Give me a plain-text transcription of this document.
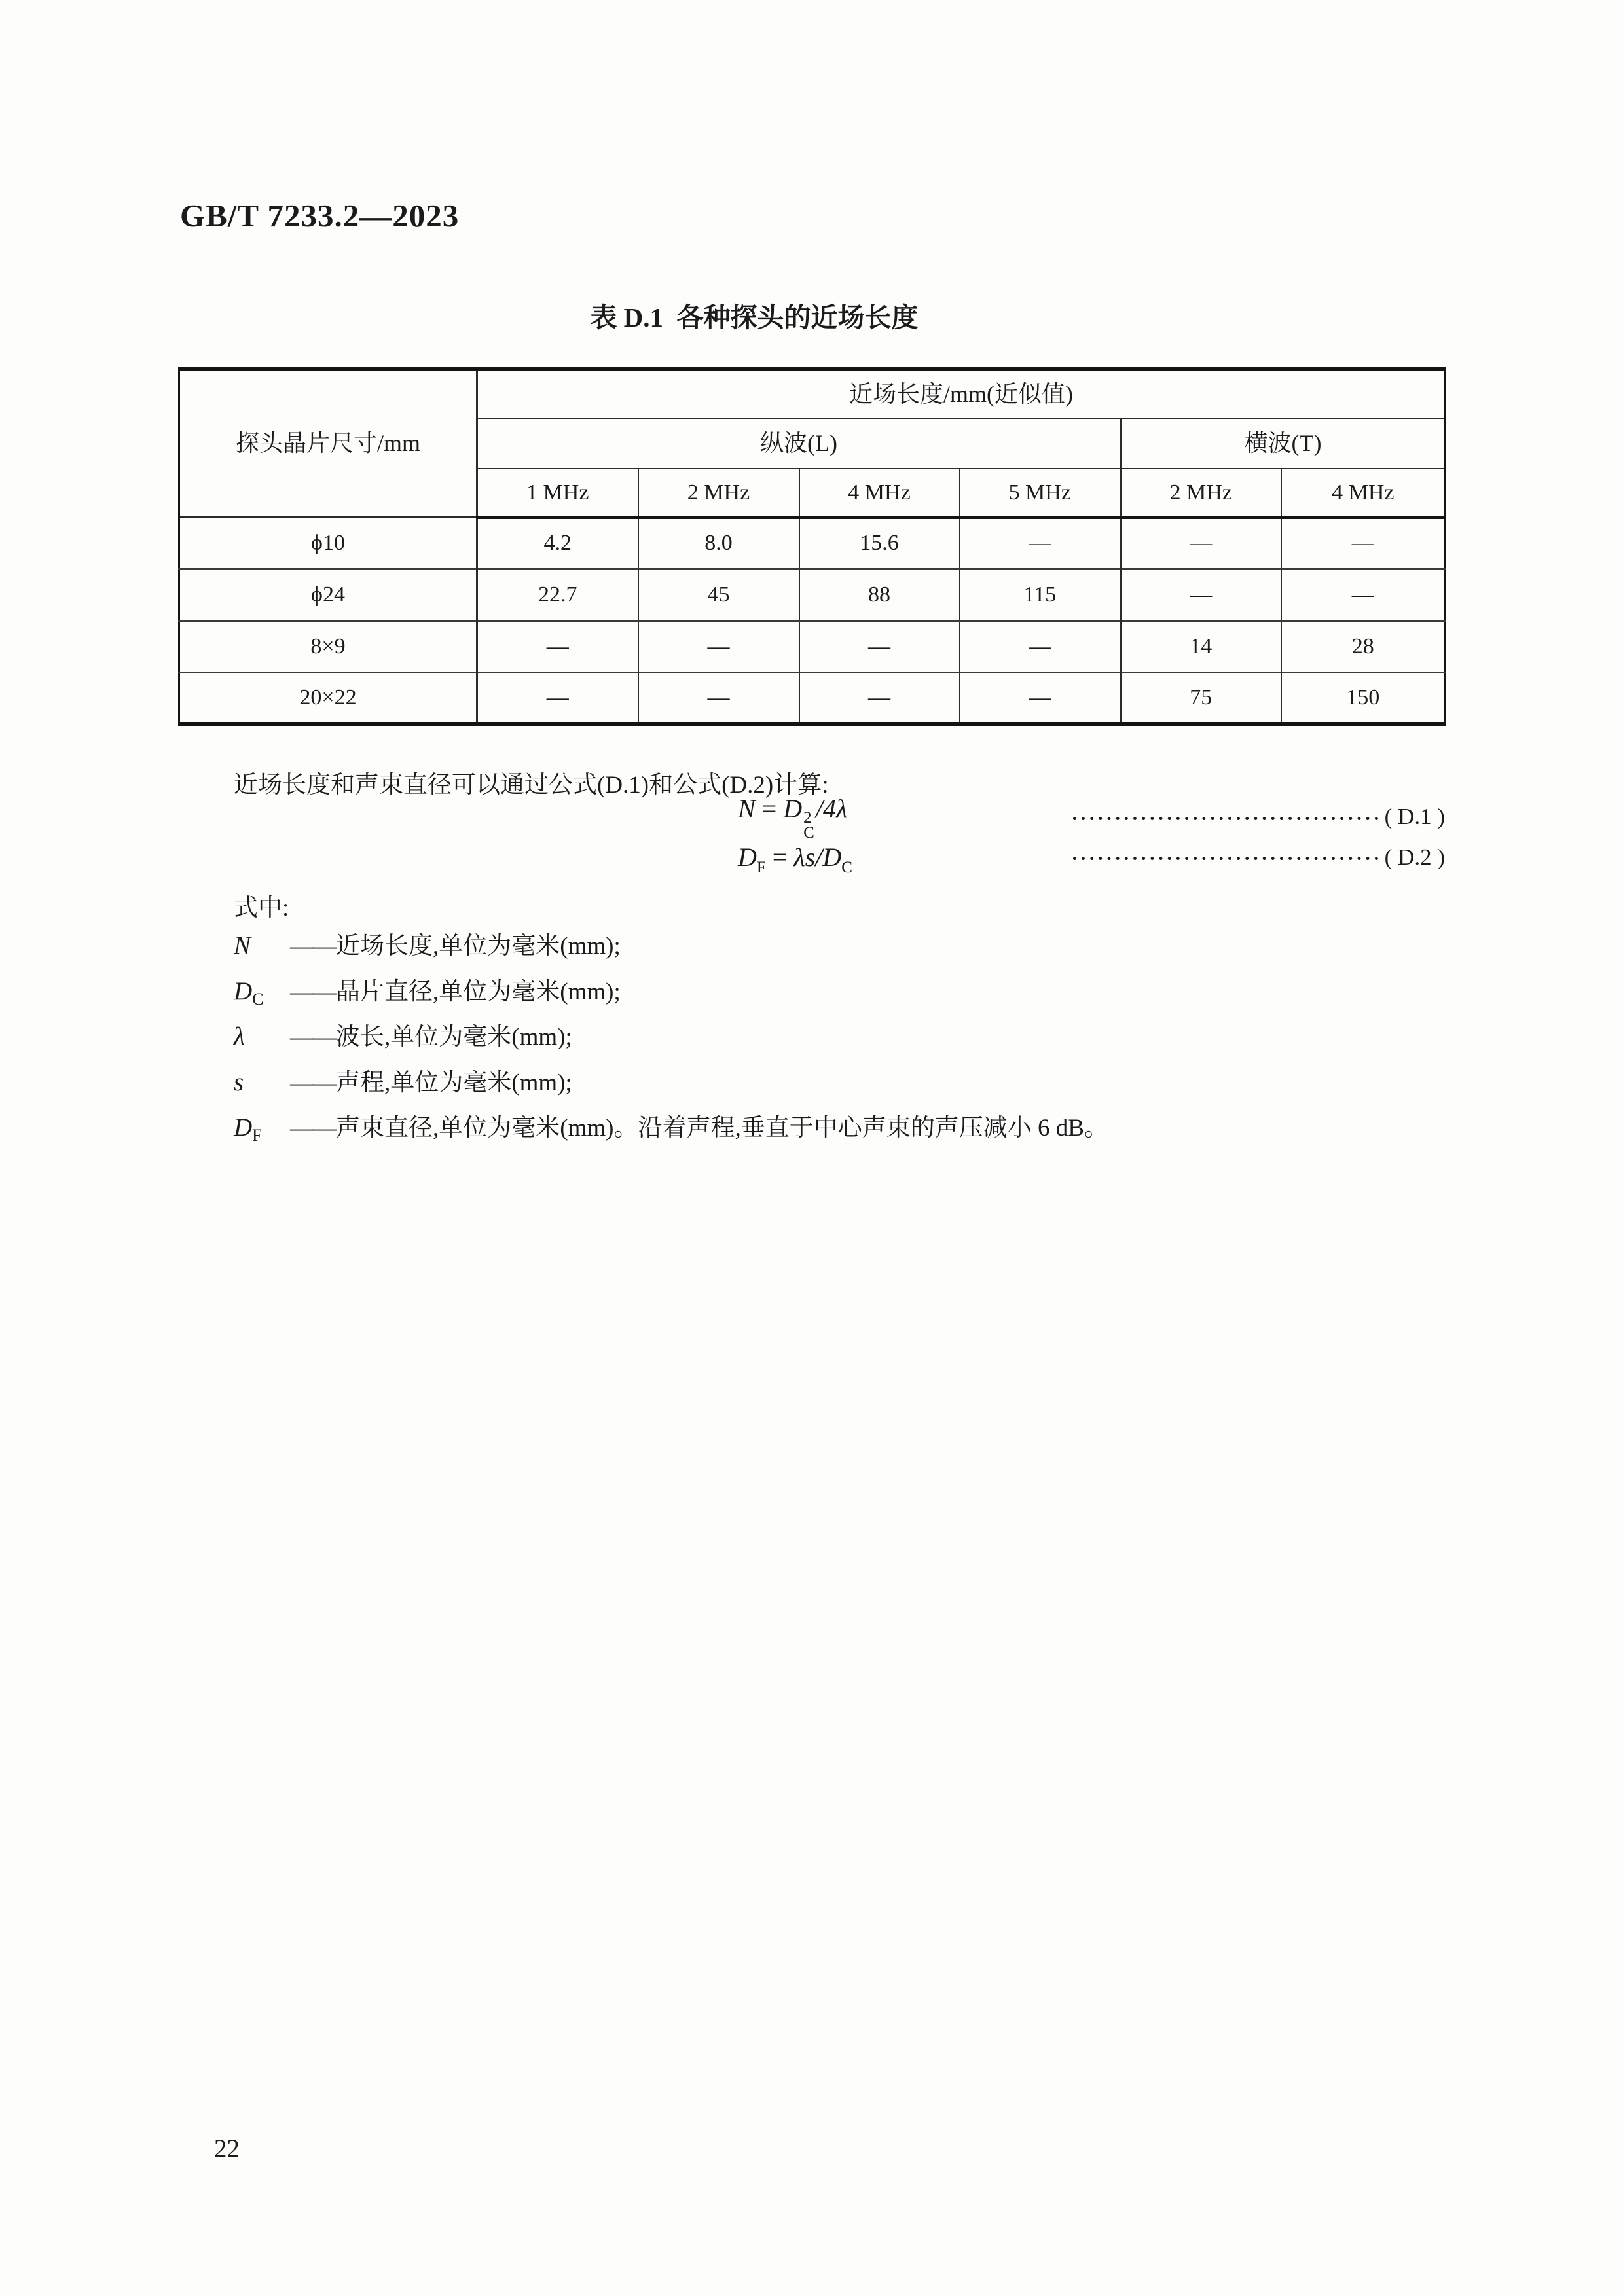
GB/T 7233.2—2023
表 D.1  各种探头的近场长度
探头晶片尺寸/mm	近场长度/mm(近似值)					
	纵波(L)				横波(T)	
	1 MHz	2 MHz	4 MHz	5 MHz	2 MHz	4 MHz
ϕ10	4.2	8.0	15.6	—	—	—
ϕ24	22.7	45	88	115	—	—
8×9	—	—	—	—	14	28
20×22	—	—	—	—	75	150
近场长度和声束直径可以通过公式(D.1)和公式(D.2)计算:
N = D 2
C
/4λ	···································· ( D.1 )
$D_F = \lambda s/D_C$	···································· ( D.2 )
式中:
N	—— 近场长度,单位为毫米(mm);
$D_C$	—— 晶片直径,单位为毫米(mm);
λ	—— 波长,单位为毫米(mm);
s	—— 声程,单位为毫米(mm);
$D_F$	—— 声束直径,单位为毫米(mm)。沿着声程,垂直于中心声束的声压减小 6 dB。
22
